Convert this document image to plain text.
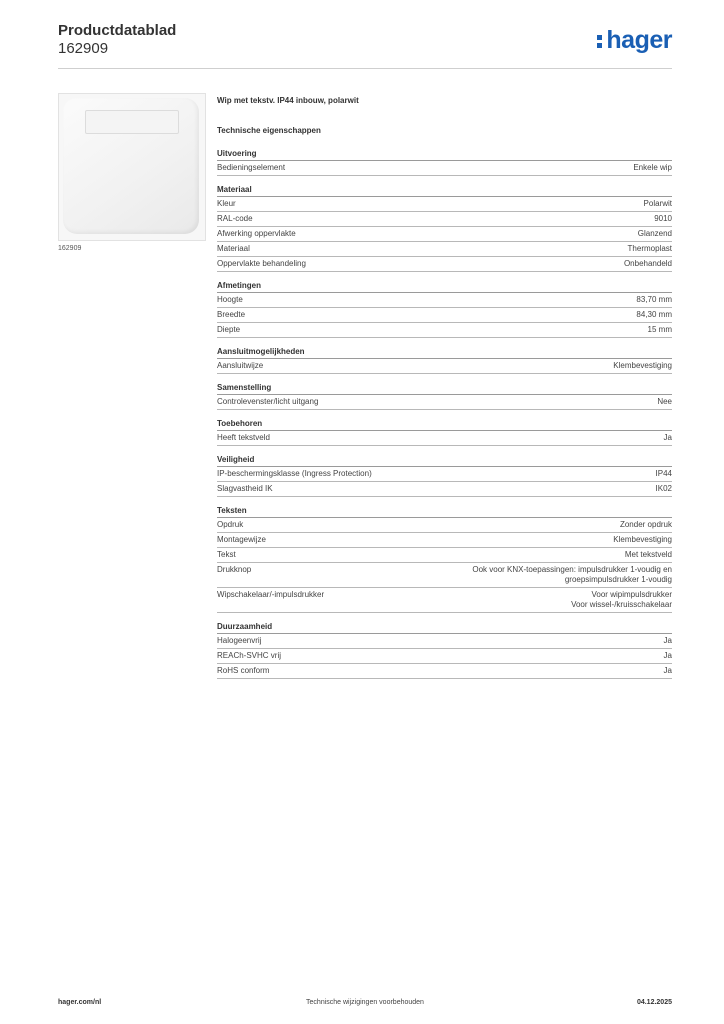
Productdatablad
162909	hager
162909
Wip met tekstv. IP44 inbouw, polarwit
Technische eigenschappen
Uitvoering
Bedieningselement	Enkele wip
Materiaal
Kleur	Polarwit
RAL-code	9010
Afwerking oppervlakte	Glanzend
Materiaal	Thermoplast
Oppervlakte behandeling	Onbehandeld
Afmetingen
Hoogte	83,70 mm
Breedte	84,30 mm
Diepte	15 mm
Aansluitmogelijkheden
Aansluitwijze	Klembevestiging
Samenstelling
Controlevenster/licht uitgang	Nee
Toebehoren
Heeft tekstveld	Ja
Veiligheid
IP-beschermingsklasse (Ingress Protection)	IP44
Slagvastheid IK	IK02
Teksten
Opdruk	Zonder opdruk
Montagewijze	Klembevestiging
Tekst	Met tekstveld
Drukknop	Ook voor KNX-toepassingen: impulsdrukker 1-voudig en
groepsimpulsdrukker 1-voudig
Wipschakelaar/-impulsdrukker	Voor wipimpulsdrukker
Voor wissel-/kruisschakelaar
Duurzaamheid
Halogeenvrij	Ja
REACh-SVHC vrij	Ja
RoHS conform	Ja
hager.com/nl	Technische wijzigingen voorbehouden	04.12.2025
